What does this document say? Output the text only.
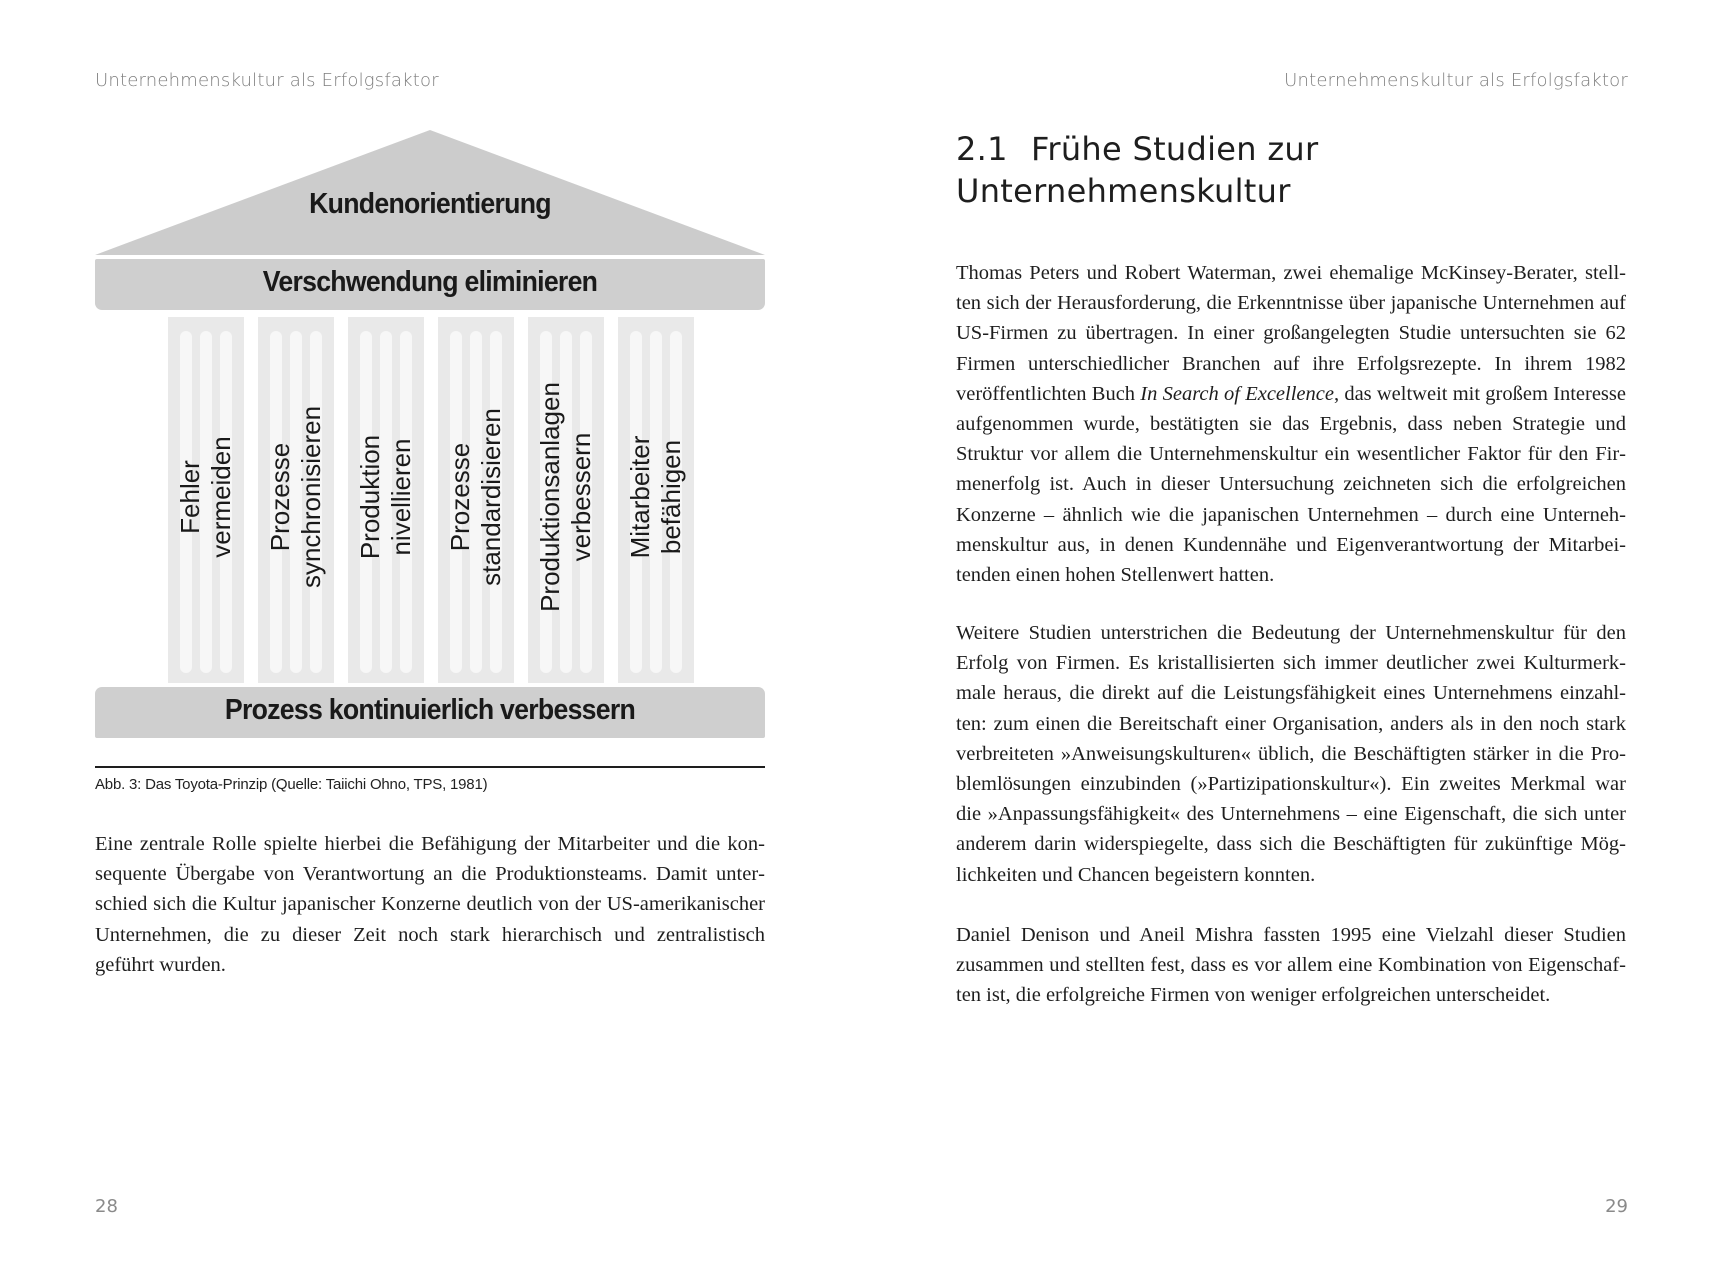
Unternehmenskultur als Erfolgsfaktor
Kundenorientierung
Verschwendung eliminieren
Fehler vermeiden Prozesse synchronisieren Produktion nivellieren Prozesse standardisieren Produktionsanlagen verbessern Mitarbeiter befähigen
Prozess kontinuierlich verbessern
Abb. 3: Das Toyota-Prinzip (Quelle: Taiichi Ohno, TPS, 1981)

Eine zentrale Rolle spielte hierbei die Befähigung der Mitarbeiter und die konsequente Übergabe von Verantwortung an die Produktionsteams. Damit unterschied sich die Kultur japanischer Konzerne deutlich von der US-amerikanischer Unternehmen, die zu dieser Zeit noch stark hierarchisch und zentralistisch geführt wurden.

28
Unternehmenskultur als Erfolgsfaktor
2.1 Frühe Studien zur
Unternehmenskultur

Thomas Peters und Robert Waterman, zwei ehemalige McKinsey-Berater, stellten sich der Herausforderung, die Erkenntnisse über japanische Unternehmen auf US-Firmen zu übertragen. In einer großangelegten Studie untersuchten sie 62 Firmen unterschiedlicher Branchen auf ihre Erfolgsrezepte. In ihrem 1982 veröffentlichten Buch In Search of Excellence, das weltweit mit großem Interesse aufgenommen wurde, bestätigten sie das Ergebnis, dass neben Strategie und Struktur vor allem die Unternehmenskultur ein wesentlicher Faktor für den Firmenerfolg ist. Auch in dieser Untersuchung zeichneten sich die erfolgreichen Konzerne – ähnlich wie die japanischen Unternehmen – durch eine Unternehmenskultur aus, in denen Kundennähe und Eigenverantwortung der Mitarbeitenden einen hohen Stellenwert hatten.

Weitere Studien unterstrichen die Bedeutung der Unternehmenskultur für den Erfolg von Firmen. Es kristallisierten sich immer deutlicher zwei Kulturmerkmale heraus, die direkt auf die Leistungsfähigkeit eines Unternehmens einzahlten: zum einen die Bereitschaft einer Organisation, anders als in den noch stark verbreiteten »Anweisungskulturen« üblich, die Beschäftigten stärker in die Problemlösungen einzubinden (»Partizipationskultur«). Ein zweites Merkmal war die »Anpassungsfähigkeit« des Unternehmens – eine Eigenschaft, die sich unter anderem darin widerspiegelte, dass sich die Beschäftigten für zukünftige Möglichkeiten und Chancen begeistern konnten.

Daniel Denison und Aneil Mishra fassten 1995 eine Vielzahl dieser Studien zusammen und stellten fest, dass es vor allem eine Kombination von Eigenschaften ist, die erfolgreiche Firmen von weniger erfolgreichen unterscheidet.

29
